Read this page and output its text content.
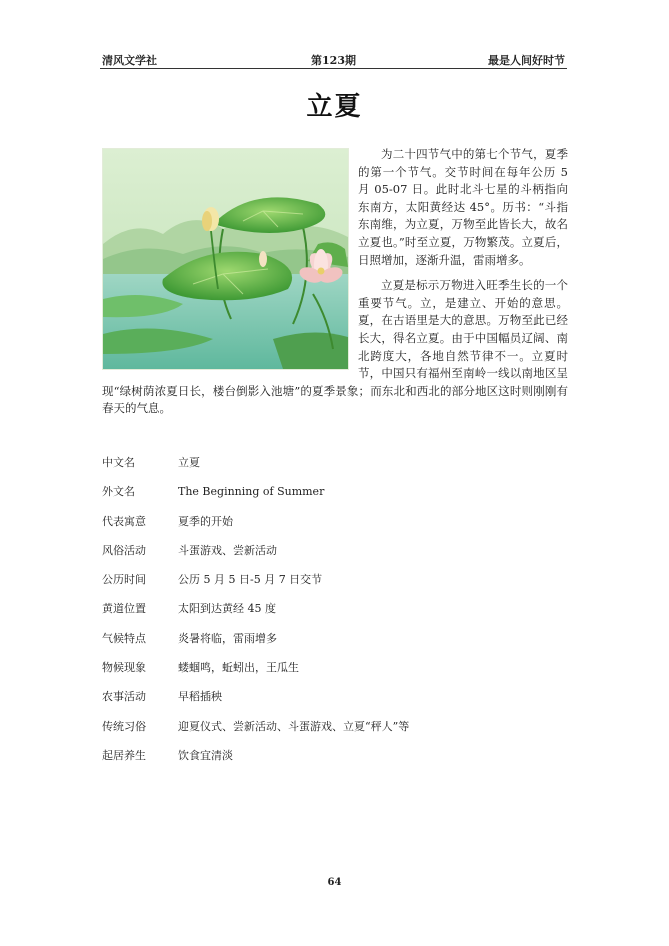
清风文学社	第123期	最是人间好时节
立夏

为二十四节气中的第七个节气，夏季的第一个节气。交节时间在每年公历 5 月 05-07 日。此时北斗七星的斗柄指向东南方，太阳黄经达 45°。历书：“斗指东南维，为立夏，万物至此皆长大，故名立夏也。”时至立夏，万物繁茂。立夏后，日照增加，逐渐升温，雷雨增多。

立夏是标示万物进入旺季生长的一个重要节气。立，是建立、开始的意思。夏，在古语里是大的意思。万物至此已经长大，得名立夏。由于中国幅员辽阔、南北跨度大，各地自然节律不一。立夏时节，中国只有福州至南岭一线以南地区呈现“绿树荫浓夏日长，楼台倒影入池塘”的夏季景象；而东北和西北的部分地区这时则刚刚有春天的气息。

中文名	立夏
外文名	The Beginning of Summer
代表寓意	夏季的开始
风俗活动	斗蛋游戏、尝新活动
公历时间	公历 5 月 5 日-5 月 7 日交节
黄道位置	太阳到达黄经 45 度
气候特点	炎暑将临，雷雨增多
物候现象	蝼蝈鸣，蚯蚓出，王瓜生
农事活动	早稻插秧
传统习俗	迎夏仪式、尝新活动、斗蛋游戏、立夏“秤人”等
起居养生	饮食宜清淡
64
